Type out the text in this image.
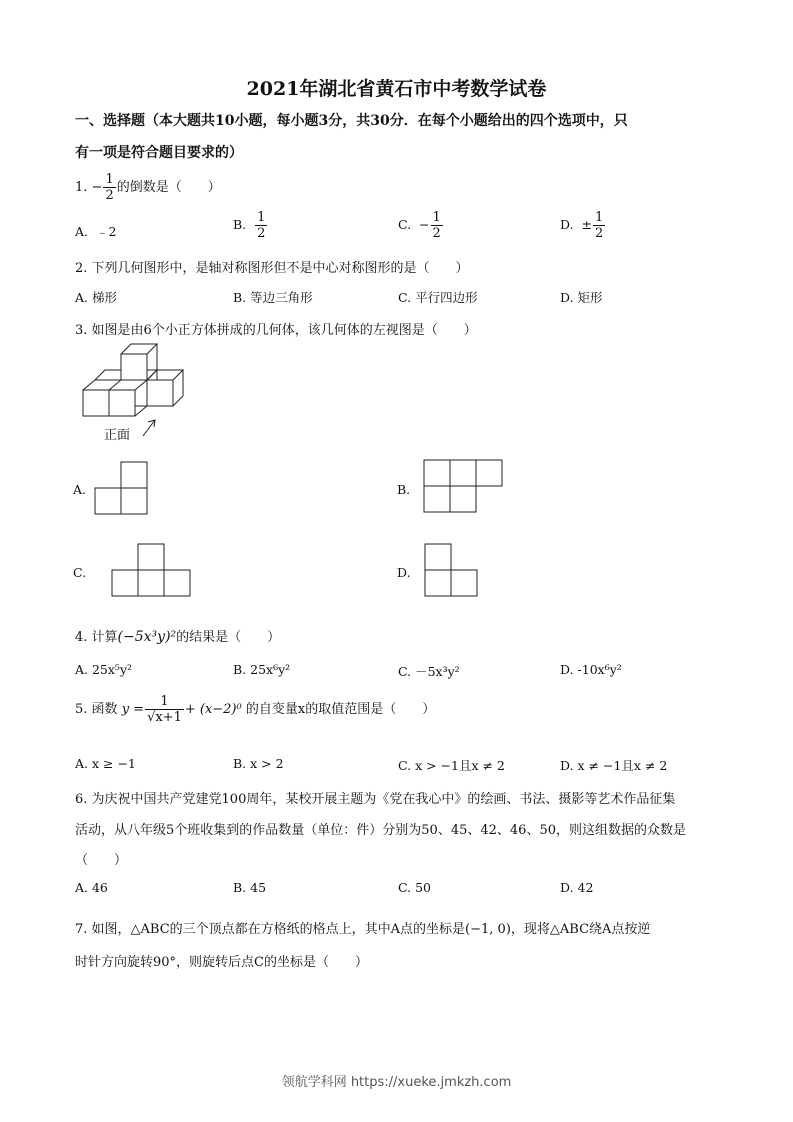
2021年湖北省黄石市中考数学试卷
一、选择题（本大题共10小题，每小题3分，共30分．在每个小题给出的四个选项中，只
有一项是符合题目要求的）
1. − $\frac{1}{2}$ 的倒数是（　　）
A. ﹣2	B. $\frac{1}{2}$	C. − $\frac{1}{2}$	D. ± $\frac{1}{2}$
2. 下列几何图形中，是轴对称图形但不是中心对称图形的是（　　）
A. 梯形	B. 等边三角形	C. 平行四边形	D. 矩形
3. 如图是由6个小正方体拼成的几何体，该几何体的左视图是（　　）
正面
A.	B.
C.	D.
4. 计算(−5x³y)²的结果是（　　）
A. 25x⁵y²	B. 25x⁶y²	C. －5x³y²	D. -10x⁶y²
5. 函数 $y = \frac{1}{√x+1} + (x-2)^0$ 的自变量x的取值范围是（　　）
A. x ≥ −1	B. x > 2	C. x > −1且x ≠ 2	D. x ≠ −1且x ≠ 2
6. 为庆祝中国共产党建党100周年，某校开展主题为《党在我心中》的绘画、书法、摄影等艺术作品征集
活动，从八年级5个班收集到的作品数量（单位：件）分别为50、45、42、46、50，则这组数据的众数是
（　　）
A. 46	B. 45	C. 50	D. 42
7. 如图，△ABC的三个顶点都在方格纸的格点上，其中A点的坐标是(−1, 0)，现将△ABC绕A点按逆
时针方向旋转90°，则旋转后点C的坐标是（　　）
领航学科网 https://xueke.jmkzh.com
